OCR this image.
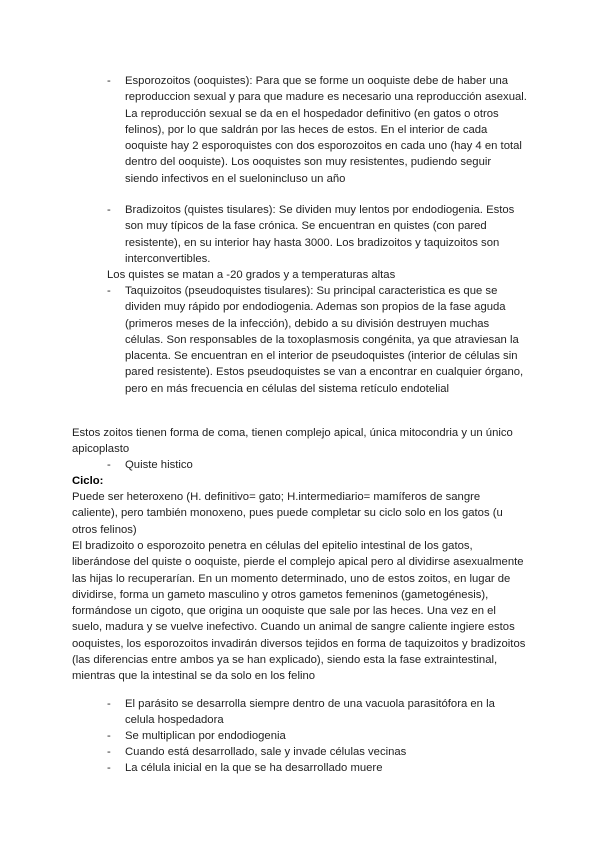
- Esporozoitos (ooquistes): Para que se forme un ooquiste debe de haber una reproduccion sexual y para que madure es necesario una reproducción asexual. La reproducción sexual se da en el hospedador definitivo (en gatos o otros felinos), por lo que saldrán por las heces de estos. En el interior de cada ooquiste hay 2 esporoquistes con dos esporozoitos en cada uno (hay 4 en total dentro del ooquiste). Los ooquistes son muy resistentes, pudiendo seguir siendo infectivos en el suelonincluso un año
- Bradizoitos (quistes tisulares): Se dividen muy lentos por endodiogenia. Estos son muy típicos de la fase crónica. Se encuentran en quistes (con pared resistente), en su interior hay hasta 3000. Los bradizoitos y taquizoitos son interconvertibles.
Los quistes se matan a -20 grados y a temperaturas altas
- Taquizoitos (pseudoquistes tisulares): Su principal caracteristica es que se dividen muy rápido por endodiogenia. Ademas son propios de la fase aguda (primeros meses de la infección), debido a su división destruyen muchas células. Son responsables de la toxoplasmosis congénita, ya que atraviesan la placenta. Se encuentran en el interior de pseudoquistes (interior de células sin pared resistente). Estos pseudoquistes se van a encontrar en cualquier órgano, pero en más frecuencia en células del sistema retículo endotelial
Estos zoitos tienen forma de coma, tienen complejo apical, única mitocondria y un único apicoplasto
- Quiste histico
Ciclo:
Puede ser heteroxeno (H. definitivo= gato; H.intermediario= mamíferos de sangre caliente), pero también monoxeno, pues puede completar su ciclo solo en los gatos (u otros felinos)
El bradizoito o esporozoito penetra en células del epitelio intestinal de los gatos, liberándose del quiste o ooquiste, pierde el complejo apical pero al dividirse asexualmente las hijas lo recuperarían. En un momento determinado, uno de estos zoitos, en lugar de dividirse, forma un gameto masculino y otros gametos femeninos (gametogénesis), formándose un cigoto, que origina un ooquiste que sale por las heces. Una vez en el suelo, madura y se vuelve inefectivo. Cuando un animal de sangre caliente ingiere estos ooquistes, los esporozoitos invadirán diversos tejidos en forma de taquizoitos y bradizoitos (las diferencias entre ambos ya se han explicado), siendo esta la fase extraintestinal, mientras que la intestinal se da solo en los felino
- El parásito se desarrolla siempre dentro de una vacuola parasitófora en la celula hospedadora
- Se multiplican por endodiogenia
- Cuando está desarrollado, sale y invade células vecinas
- La célula inicial en la que se ha desarrollado muere
